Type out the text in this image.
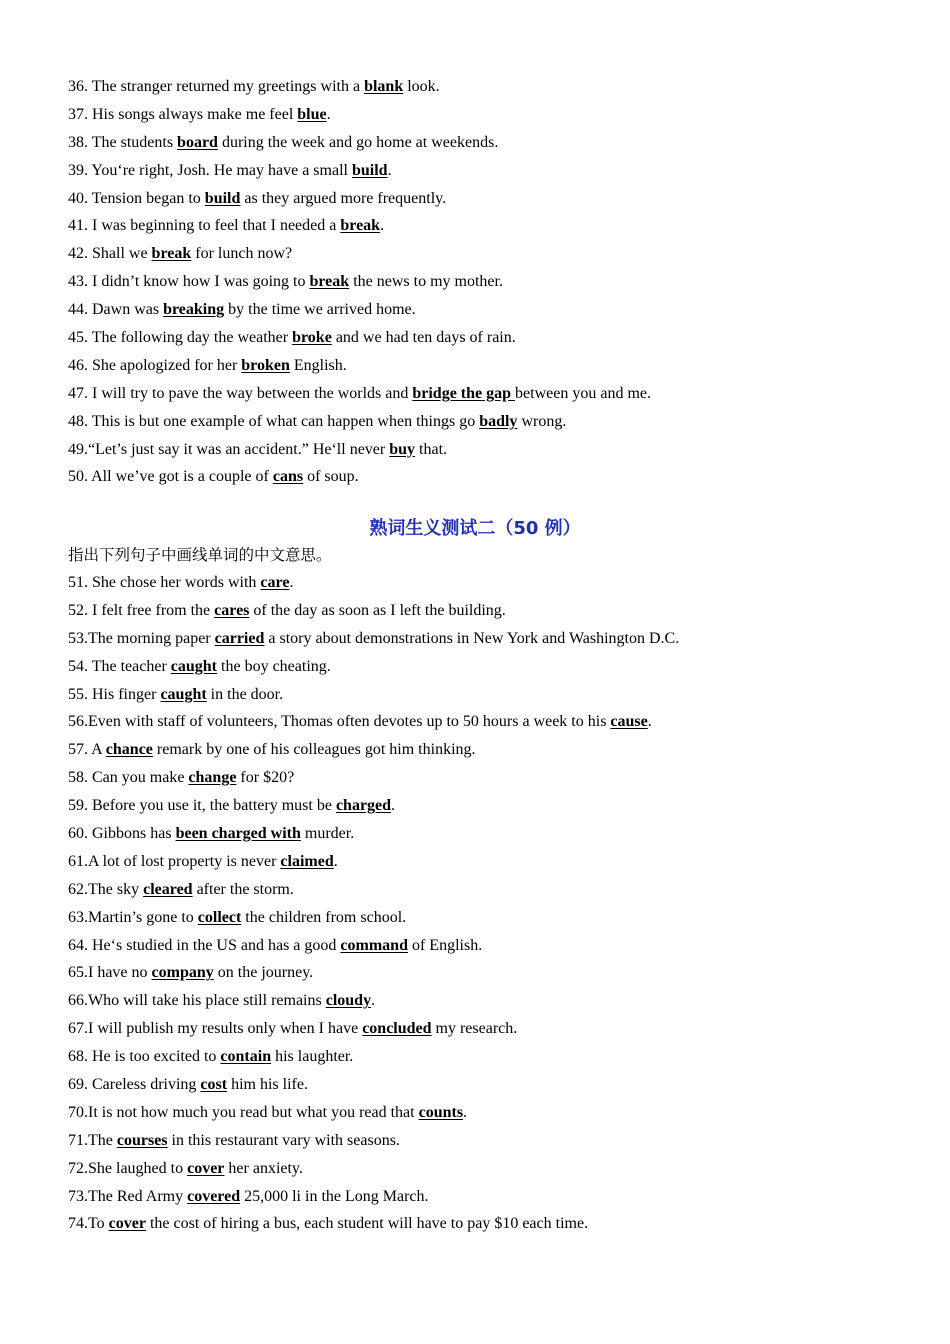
36. The stranger returned my greetings with a blank look.
37. His songs always make me feel blue.
38. The students board during the week and go home at weekends.
39. You‘re right, Josh. He may have a small build.
40. Tension began to build as they argued more frequently.
41. I was beginning to feel that I needed a break.
42. Shall we break for lunch now?
43. I didn’t know how I was going to break the news to my mother.
44. Dawn was breaking by the time we arrived home.
45. The following day the weather broke and we had ten days of rain.
46. She apologized for her broken English.
47. I will try to pave the way between the worlds and bridge the gap between you and me.
48. This is but one example of what can happen when things go badly wrong.
49.“Let’s just say it was an accident.” He‘ll never buy that.
50. All we’ve got is a couple of cans of soup.
熟词生义测试二（50 例）
指出下列句子中画线单词的中文意思。
51. She chose her words with care.
52. I felt free from the cares of the day as soon as I left the building.
53.The morning paper carried a story about demonstrations in New York and Washington D.C.
54. The teacher caught the boy cheating.
55. His finger caught in the door.
56.Even with staff of volunteers, Thomas often devotes up to 50 hours a week to his cause.
57. A chance remark by one of his colleagues got him thinking.
58. Can you make change for $20?
59. Before you use it, the battery must be charged.
60. Gibbons has been charged with murder.
61.A lot of lost property is never claimed.
62.The sky cleared after the storm.
63.Martin’s gone to collect the children from school.
64. He‘s studied in the US and has a good command of English.
65.I have no company on the journey.
66.Who will take his place still remains cloudy.
67.I will publish my results only when I have concluded my research.
68. He is too excited to contain his laughter.
69. Careless driving cost him his life.
70.It is not how much you read but what you read that counts.
71.The courses in this restaurant vary with seasons.
72.She laughed to cover her anxiety.
73.The Red Army covered 25,000 li in the Long March.
74.To cover the cost of hiring a bus, each student will have to pay $10 each time.
